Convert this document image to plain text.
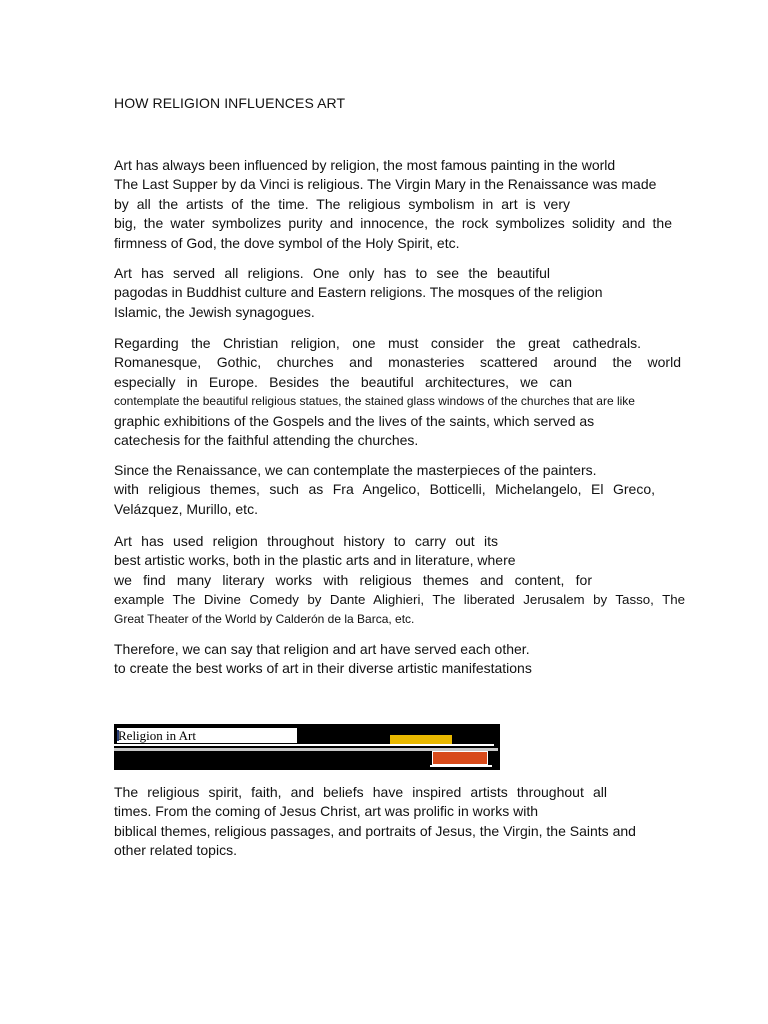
HOW RELIGION INFLUENCES ART
Art has always been influenced by religion, the most famous painting in the world
The Last Supper by da Vinci is religious. The Virgin Mary in the Renaissance was made
by all the artists of the time. The religious symbolism in art is very
big, the water symbolizes purity and innocence, the rock symbolizes solidity and the
firmness of God, the dove symbol of the Holy Spirit, etc.
Art has served all religions. One only has to see the beautiful
pagodas in Buddhist culture and Eastern religions. The mosques of the religion
Islamic, the Jewish synagogues.
Regarding the Christian religion, one must consider the great cathedrals.
Romanesque, Gothic, churches and monasteries scattered around the world
especially in Europe. Besides the beautiful architectures, we can
contemplate the beautiful religious statues, the stained glass windows of the churches that are like
graphic exhibitions of the Gospels and the lives of the saints, which served as
catechesis for the faithful attending the churches.
Since the Renaissance, we can contemplate the masterpieces of the painters.
with religious themes, such as Fra Angelico, Botticelli, Michelangelo, El Greco,
Velázquez, Murillo, etc.
Art has used religion throughout history to carry out its
best artistic works, both in the plastic arts and in literature, where
we find many literary works with religious themes and content, for
example The Divine Comedy by Dante Alighieri, The liberated Jerusalem by Tasso, The
Great Theater of the World by Calderón de la Barca, etc.
Therefore, we can say that religion and art have served each other.
to create the best works of art in their diverse artistic manifestations
Religion in Art
The religious spirit, faith, and beliefs have inspired artists throughout all
times. From the coming of Jesus Christ, art was prolific in works with
biblical themes, religious passages, and portraits of Jesus, the Virgin, the Saints and
other related topics.
